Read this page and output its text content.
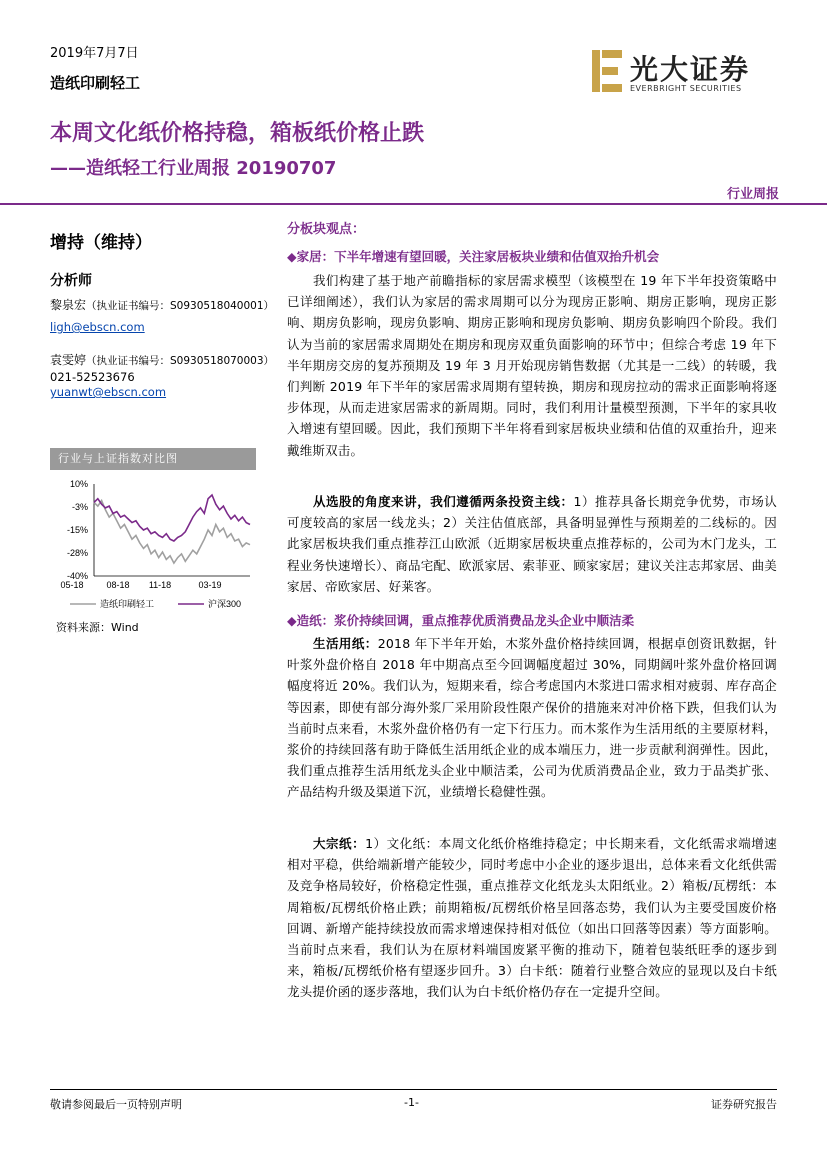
2019年7月7日
造纸印刷轻工	光大证券
EVERBRIGHT SECURITIES
本周文化纸价格持稳，箱板纸价格止跌
——造纸轻工行业周报 20190707
行业周报
增持（维持）
分析师
黎泉宏（执业证书编号：S0930518040001）
ligh@ebscn.com
袁雯婷（执业证书编号：S0930518070003）
021-52523676
yuanwt@ebscn.com
行业与上证指数对比图
10%
-3%
-15%
-28%
-40%
05-18	08-18 11-18	03-19
造纸印刷轻工	沪深300
资料来源：Wind
分板块观点：
◆家居：下半年增速有望回暖，关注家居板块业绩和估值双抬升机会

我们构建了基于地产前瞻指标的家居需求模型（该模型在 19 年下半年投资策略中已详细阐述），我们认为家居的需求周期可以分为现房正影响、期房正影响，现房正影响、期房负影响，现房负影响、期房正影响和现房负影响、期房负影响四个阶段。我们认为当前的家居需求周期处在期房和现房双重负面影响的环节中；但综合考虑 19 年下半年期房交房的复苏预期及 19 年 3 月开始现房销售数据（尤其是一二线）的转暖，我们判断 2019 年下半年的家居需求周期有望转换，期房和现房拉动的需求正面影响将逐步体现，从而走进家居需求的新周期。同时，我们利用计量模型预测，下半年的家具收入增速有望回暖。因此，我们预期下半年将看到家居板块业绩和估值的双重抬升，迎来戴维斯双击。

从选股的角度来讲，我们遵循两条投资主线：1）推荐具备长期竞争优势，市场认可度较高的家居一线龙头；2）关注估值底部，具备明显弹性与预期差的二线标的。因此家居板块我们重点推荐江山欧派（近期家居板块重点推荐标的，公司为木门龙头，工程业务快速增长）、商品宅配、欧派家居、索菲亚、顾家家居；建议关注志邦家居、曲美家居、帝欧家居、好莱客。

◆造纸：浆价持续回调，重点推荐优质消费品龙头企业中顺洁柔

生活用纸：2018 年下半年开始，木浆外盘价格持续回调，根据卓创资讯数据，针叶浆外盘价格自 2018 年中期高点至今回调幅度超过 30%，同期阔叶浆外盘价格回调幅度将近 20%。我们认为，短期来看，综合考虑国内木浆进口需求相对疲弱、库存高企等因素，即使有部分海外浆厂采用阶段性限产保价的措施来对冲价格下跌，但我们认为当前时点来看，木浆外盘价格仍有一定下行压力。而木浆作为生活用纸的主要原材料，浆价的持续回落有助于降低生活用纸企业的成本端压力，进一步贡献利润弹性。因此，我们重点推荐生活用纸龙头企业中顺洁柔，公司为优质消费品企业，致力于品类扩张、产品结构升级及渠道下沉，业绩增长稳健性强。

大宗纸：1）文化纸：本周文化纸价格维持稳定；中长期来看，文化纸需求端增速相对平稳，供给端新增产能较少，同时考虑中小企业的逐步退出，总体来看文化纸供需及竞争格局较好，价格稳定性强，重点推荐文化纸龙头太阳纸业。2）箱板/瓦楞纸：本周箱板/瓦楞纸价格止跌；前期箱板/瓦楞纸价格呈回落态势，我们认为主要受国废价格回调、新增产能持续投放而需求增速保持相对低位（如出口回落等因素）等方面影响。当前时点来看，我们认为在原材料端国废紧平衡的推动下，随着包装纸旺季的逐步到来，箱板/瓦楞纸价格有望逐步回升。3）白卡纸：随着行业整合效应的显现以及白卡纸龙头提价函的逐步落地，我们认为白卡纸价格仍存在一定提升空间。

敬请参阅最后一页特别声明	-1-	证券研究报告
